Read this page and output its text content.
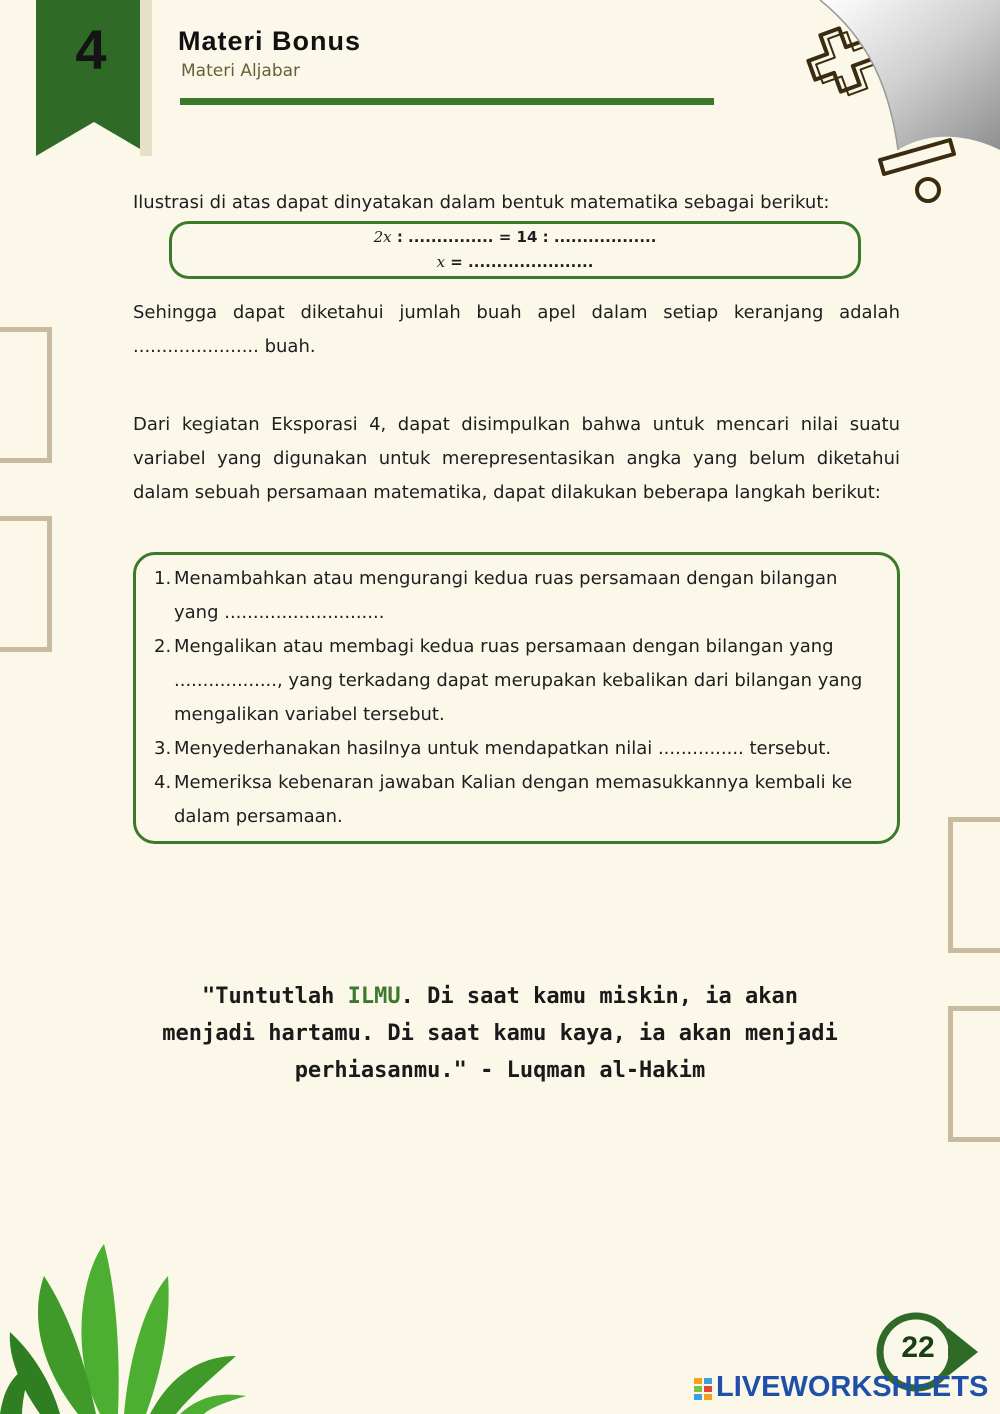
4	Materi Bonus
Materi Aljabar
Ilustrasi di atas dapat dinyatakan dalam bentuk matematika sebagai berikut:
2𝑥 : ............... = 14 : ..................
𝑥 = ......................
Sehingga dapat diketahui jumlah buah apel dalam setiap keranjang adalah ...................... buah.
Dari kegiatan Eksporasi 4, dapat disimpulkan bahwa untuk mencari nilai suatu variabel yang digunakan untuk merepresentasikan angka yang belum diketahui dalam sebuah persamaan matematika, dapat dilakukan beberapa langkah berikut:
1. Menambahkan atau mengurangi kedua ruas persamaan dengan bilangan yang ............................
2. Mengalikan atau membagi kedua ruas persamaan dengan bilangan yang .................., yang terkadang dapat merupakan kebalikan dari bilangan yang mengalikan variabel tersebut.
3. Menyederhanakan hasilnya untuk mendapatkan nilai ............... tersebut.
4. Memeriksa kebenaran jawaban Kalian dengan memasukkannya kembali ke dalam persamaan.
"Tuntutlah ILMU. Di saat kamu miskin, ia akan menjadi hartamu. Di saat kamu kaya, ia akan menjadi perhiasanmu." - Luqman al-Hakim
22
LIVEWORKSHEETS
